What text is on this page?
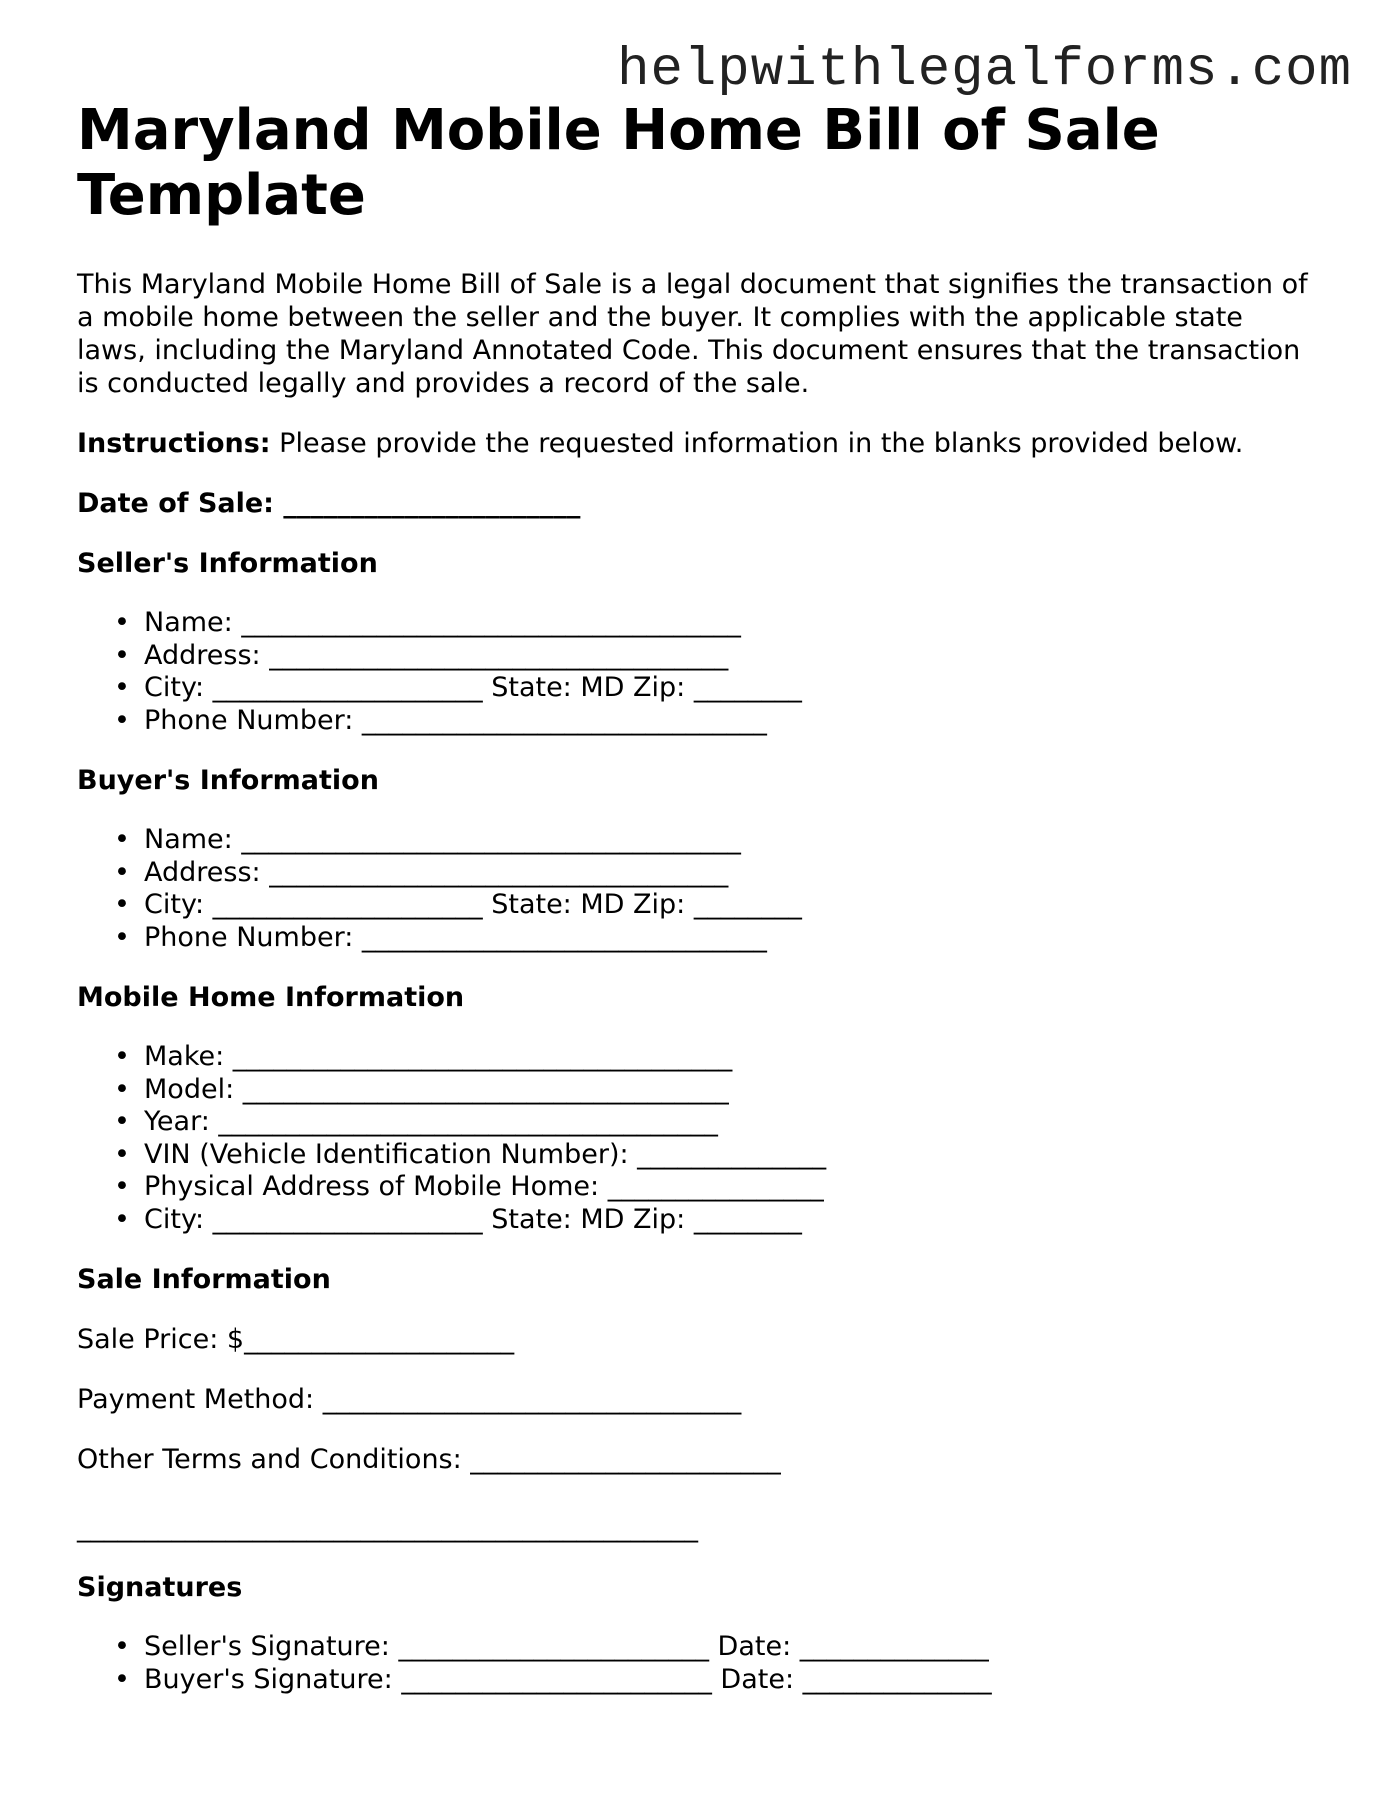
helpwithlegalforms.com
Maryland Mobile Home Bill of Sale Template

This Maryland Mobile Home Bill of Sale is a legal document that signifies the transaction of a mobile home between the seller and the buyer. It complies with the applicable state laws, including the Maryland Annotated Code. This document ensures that the transaction is conducted legally and provides a record of the sale.

Instructions: Please provide the requested information in the blanks provided below.

Date of Sale: ______________________

Seller's Information
• Name: _____________________________________
• Address: __________________________________
• City: ____________________ State: MD Zip: ________
• Phone Number: ______________________________
Buyer's Information
• Name: _____________________________________
• Address: __________________________________
• City: ____________________ State: MD Zip: ________
• Phone Number: ______________________________
Mobile Home Information
• Make: _____________________________________
• Model: ____________________________________
• Year: _____________________________________
• VIN (Vehicle Identification Number): ______________
• Physical Address of Mobile Home: ________________
• City: ____________________ State: MD Zip: ________
Sale Information

Sale Price: $____________________

Payment Method: _______________________________

Other Terms and Conditions: _______________________

______________________________________________

Signatures
• Seller's Signature: _______________________ Date: ______________
• Buyer's Signature: _______________________ Date: ______________
